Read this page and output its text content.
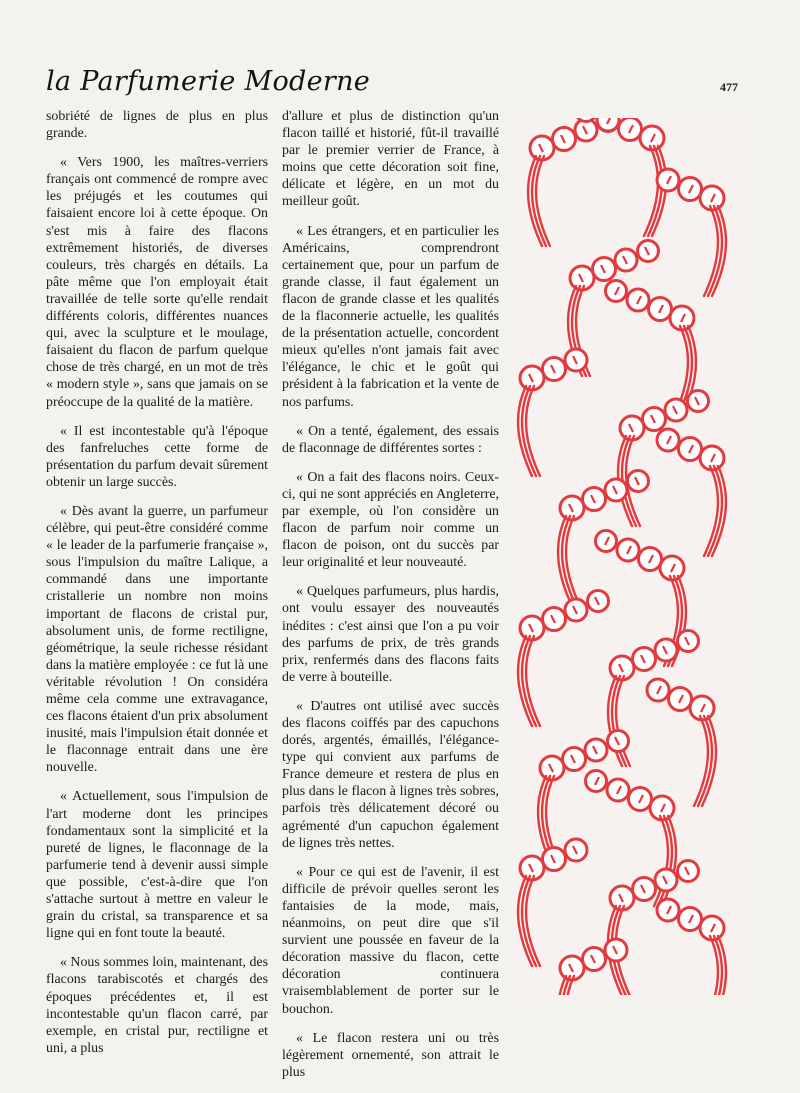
la Parfumerie Moderne	477

sobriété de lignes de plus en plus grande.

« Vers 1900, les maîtres-verriers français ont commencé de rompre avec les préjugés et les coutumes qui faisaient encore loi à cette époque. On s'est mis à faire des flacons extrêmement historiés, de diverses couleurs, très chargés en détails. La pâte même que l'on employait était travaillée de telle sorte qu'elle rendait différents coloris, différentes nuances qui, avec la sculpture et le moulage, faisaient du flacon de parfum quelque chose de très chargé, en un mot de très « modern style », sans que jamais on se préoccupe de la qualité de la matière.

« Il est incontestable qu'à l'époque des fanfreluches cette forme de présentation du parfum devait sûrement obtenir un large succès.

« Dès avant la guerre, un parfumeur célèbre, qui peut-être considéré comme « le leader de la parfumerie française », sous l'impulsion du maître Lalique, a commandé dans une importante cristallerie un nombre non moins important de flacons de cristal pur, absolument unis, de forme rectiligne, géométrique, la seule richesse résidant dans la matière employée : ce fut là une véritable révolution ! On considéra même cela comme une extravagance, ces flacons étaient d'un prix absolument inusité, mais l'impulsion était donnée et le flaconnage entrait dans une ère nouvelle.

« Actuellement, sous l'impulsion de l'art moderne dont les principes fondamentaux sont la simplicité et la pureté de lignes, le flaconnage de la parfumerie tend à devenir aussi simple que possible, c'est-à-dire que l'on s'attache surtout à mettre en valeur le grain du cristal, sa transparence et sa ligne qui en font toute la beauté.

« Nous sommes loin, maintenant, des flacons tarabiscotés et chargés des époques précédentes et, il est incontestable qu'un flacon carré, par exemple, en cristal pur, rectiligne et uni, a plus

d'allure et plus de distinction qu'un flacon taillé et historié, fût-il travaillé par le premier verrier de France, à moins que cette décoration soit fine, délicate et légère, en un mot du meilleur goût.

« Les étrangers, et en particulier les Américains, comprendront certainement que, pour un parfum de grande classe, il faut également un flacon de grande classe et les qualités de la flaconnerie actuelle, les qualités de la présentation actuelle, concordent mieux qu'elles n'ont jamais fait avec l'élégance, le chic et le goût qui président à la fabrication et la vente de nos parfums.

« On a tenté, également, des essais de flaconnage de différentes sortes :

« On a fait des flacons noirs. Ceux-ci, qui ne sont appréciés en Angleterre, par exemple, où l'on considère un flacon de parfum noir comme un flacon de poison, ont du succès par leur originalité et leur nouveauté.

« Quelques parfumeurs, plus hardis, ont voulu essayer des nouveautés inédites : c'est ainsi que l'on a pu voir des parfums de prix, de très grands prix, renfermés dans des flacons faits de verre à bouteille.

« D'autres ont utilisé avec succès des flacons coiffés par des capuchons dorés, argentés, émaillés, l'élégance-type qui convient aux parfums de France demeure et restera de plus en plus dans le flacon à lignes très sobres, parfois très délicatement décoré ou agrémenté d'un capuchon également de lignes très nettes.

« Pour ce qui est de l'avenir, il est difficile de prévoir quelles seront les fantaisies de la mode, mais, néanmoins, on peut dire que s'il survient une poussée en faveur de la décoration massive du flacon, cette décoration continuera vraisemblablement de porter sur le bouchon.

« Le flacon restera uni ou très légèrement ornementé, son attrait le plus
